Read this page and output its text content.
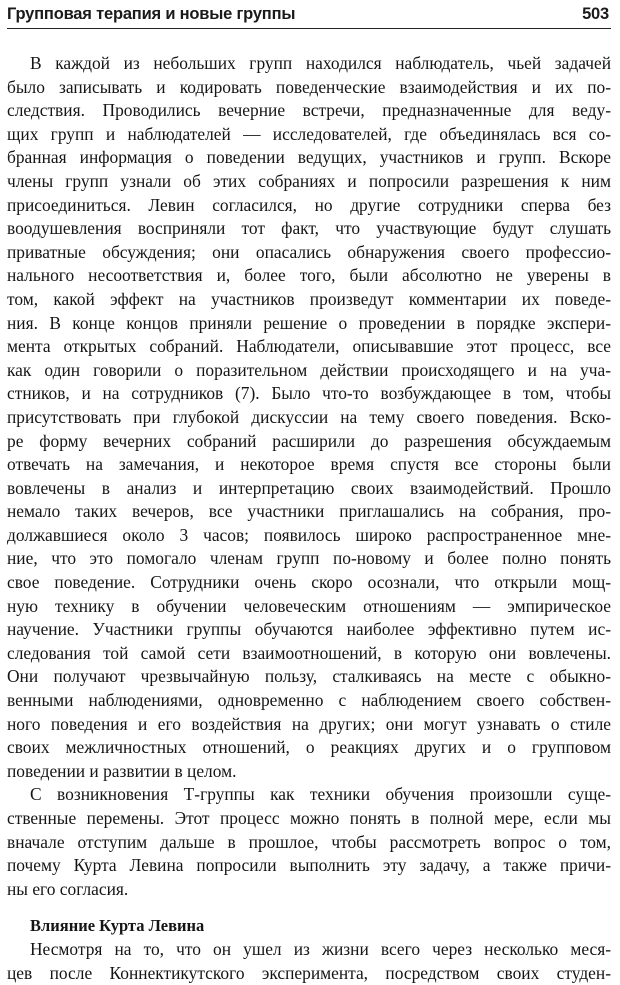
Групповая терапия и новые группы	503
В каждой из небольших групп находился наблюдатель, чьей задачей
было записывать и кодировать поведенческие взаимодействия и их по-
следствия. Проводились вечерние встречи, предназначенные для веду-
щих групп и наблюдателей — исследователей, где объединялась вся со-
бранная информация о поведении ведущих, участников и групп. Вскоре
члены групп узнали об этих собраниях и попросили разрешения к ним
присоединиться. Левин согласился, но другие сотрудники сперва без
воодушевления восприняли тот факт, что участвующие будут слушать
приватные обсуждения; они опасались обнаружения своего профессио-
нального несоответствия и, более того, были абсолютно не уверены в
том, какой эффект на участников произведут комментарии их поведе-
ния. В конце концов приняли решение о проведении в порядке экспери-
мента открытых собраний. Наблюдатели, описывавшие этот процесс, все
как один говорили о поразительном действии происходящего и на уча-
стников, и на сотрудников (7). Было что-то возбуждающее в том, чтобы
присутствовать при глубокой дискуссии на тему своего поведения. Вско-
ре форму вечерних собраний расширили до разрешения обсуждаемым
отвечать на замечания, и некоторое время спустя все стороны были
вовлечены в анализ и интерпретацию своих взаимодействий. Прошло
немало таких вечеров, все участники приглашались на собрания, про-
должавшиеся около 3 часов; появилось широко распространенное мне-
ние, что это помогало членам групп по-новому и более полно понять
свое поведение. Сотрудники очень скоро осознали, что открыли мощ-
ную технику в обучении человеческим отношениям — эмпирическое
научение. Участники группы обучаются наиболее эффективно путем ис-
следования той самой сети взаимоотношений, в которую они вовлечены.
Они получают чрезвычайную пользу, сталкиваясь на месте с обыкно-
венными наблюдениями, одновременно с наблюдением своего собствен-
ного поведения и его воздействия на других; они могут узнавать о стиле
своих межличностных отношений, о реакциях других и о групповом
поведении и развитии в целом.
С возникновения Т-группы как техники обучения произошли суще-
ственные перемены. Этот процесс можно понять в полной мере, если мы
вначале отступим дальше в прошлое, чтобы рассмотреть вопрос о том,
почему Курта Левина попросили выполнить эту задачу, а также причи-
ны его согласия.
Влияние Курта Левина
Несмотря на то, что он ушел из жизни всего через несколько меся-
цев после Коннектикутского эксперимента, посредством своих студен-
